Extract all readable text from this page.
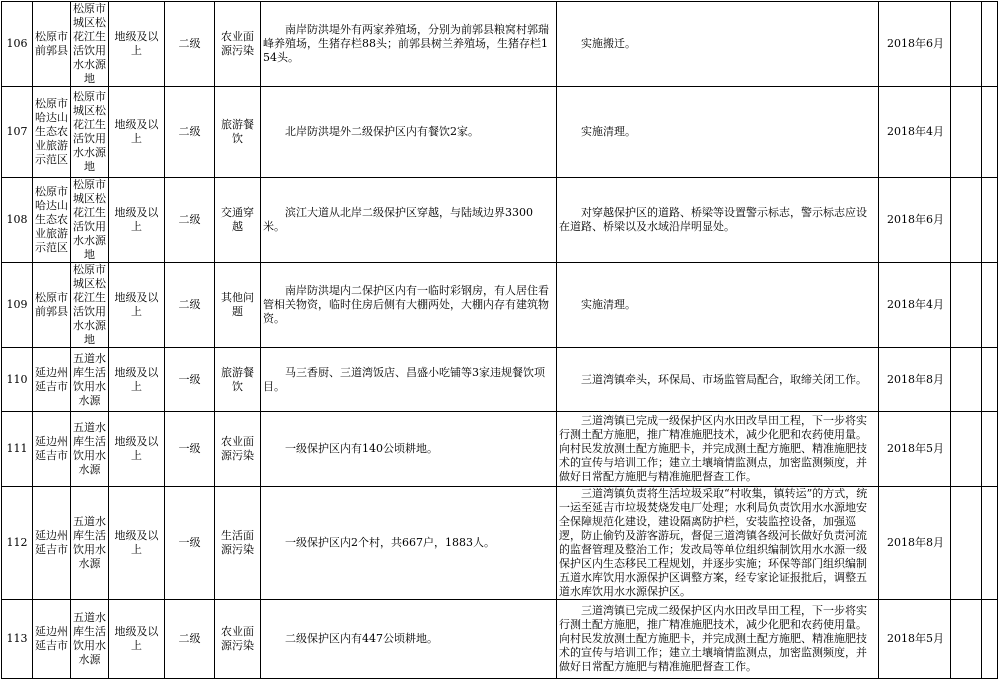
106	松原市前郭县	松原市城区松花江生活饮用水水源地	地级及以上	二级	农业面源污染	南岸防洪堤外有两家养殖场，分别为前郭县粮窝村郭瑞峰养殖场，生猪存栏88头；前郭县树兰养殖场，生猪存栏154头。	实施搬迁。	2018年6月		
107	松原市哈达山生态农业旅游示范区	松原市城区松花江生活饮用水水源地	地级及以上	二级	旅游餐饮	北岸防洪堤外二级保护区内有餐饮2家。	实施清理。	2018年4月		
108	松原市哈达山生态农业旅游示范区	松原市城区松花江生活饮用水水源地	地级及以上	二级	交通穿越	滨江大道从北岸二级保护区穿越，与陆域边界3300米。	对穿越保护区的道路、桥梁等设置警示标志，警示标志应设在道路、桥梁以及水域沿岸明显处。	2018年6月		
109	松原市前郭县	松原市城区松花江生活饮用水水源地	地级及以上	二级	其他问题	南岸防洪堤内二保护区内有一临时彩钢房，有人居住看管相关物资，临时住房后侧有大棚两处，大棚内存有建筑物资。	实施清理。	2018年4月		
110	延边州延吉市	五道水库生活饮用水水源	地级及以上	一级	旅游餐饮	马三香厨、三道湾饭店、昌盛小吃铺等3家违规餐饮项目。	三道湾镇牵头，环保局、市场监管局配合，取缔关闭工作。	2018年8月		
111	延边州延吉市	五道水库生活饮用水水源	地级及以上	一级	农业面源污染	一级保护区内有140公顷耕地。	三道湾镇已完成一级保护区内水田改旱田工程，下一步将实行测土配方施肥，推广精准施肥技术，减少化肥和农药使用量。向村民发放测土配方施肥卡，并完成测土配方施肥、精准施肥技术的宣传与培训工作；建立土壤墒情监测点，加密监测频度，并做好日常配方施肥与精准施肥督查工作。	2018年5月		
112	延边州延吉市	五道水库生活饮用水水源	地级及以上	一级	生活面源污染	一级保护区内2个村，共667户，1883人。	三道湾镇负责将生活垃圾采取“村收集，镇转运”的方式，统一运至延吉市垃圾焚烧发电厂处理；水利局负责饮用水水源地安全保障规范化建设，建设隔离防护栏，安装监控设备，加强巡逻，防止偷钓及游客游玩，督促三道湾镇各级河长做好负责河流的监督管理及整治工作；发改局等单位组织编制饮用水水源一级保护区内生态移民工程规划，并逐步实施；环保等部门组织编制五道水库饮用水源保护区调整方案，经专家论证报批后，调整五道水库饮用水水源保护区。	2018年8月		
113	延边州延吉市	五道水库生活饮用水水源	地级及以上	二级	农业面源污染	二级保护区内有447公顷耕地。	三道湾镇已完成二级保护区内水田改旱田工程，下一步将实行测土配方施肥，推广精准施肥技术，减少化肥和农药使用量。向村民发放测土配方施肥卡，并完成测土配方施肥、精准施肥技术的宣传与培训工作；建立土壤墒情监测点，加密监测频度，并做好日常配方施肥与精准施肥督查工作。	2018年5月		
